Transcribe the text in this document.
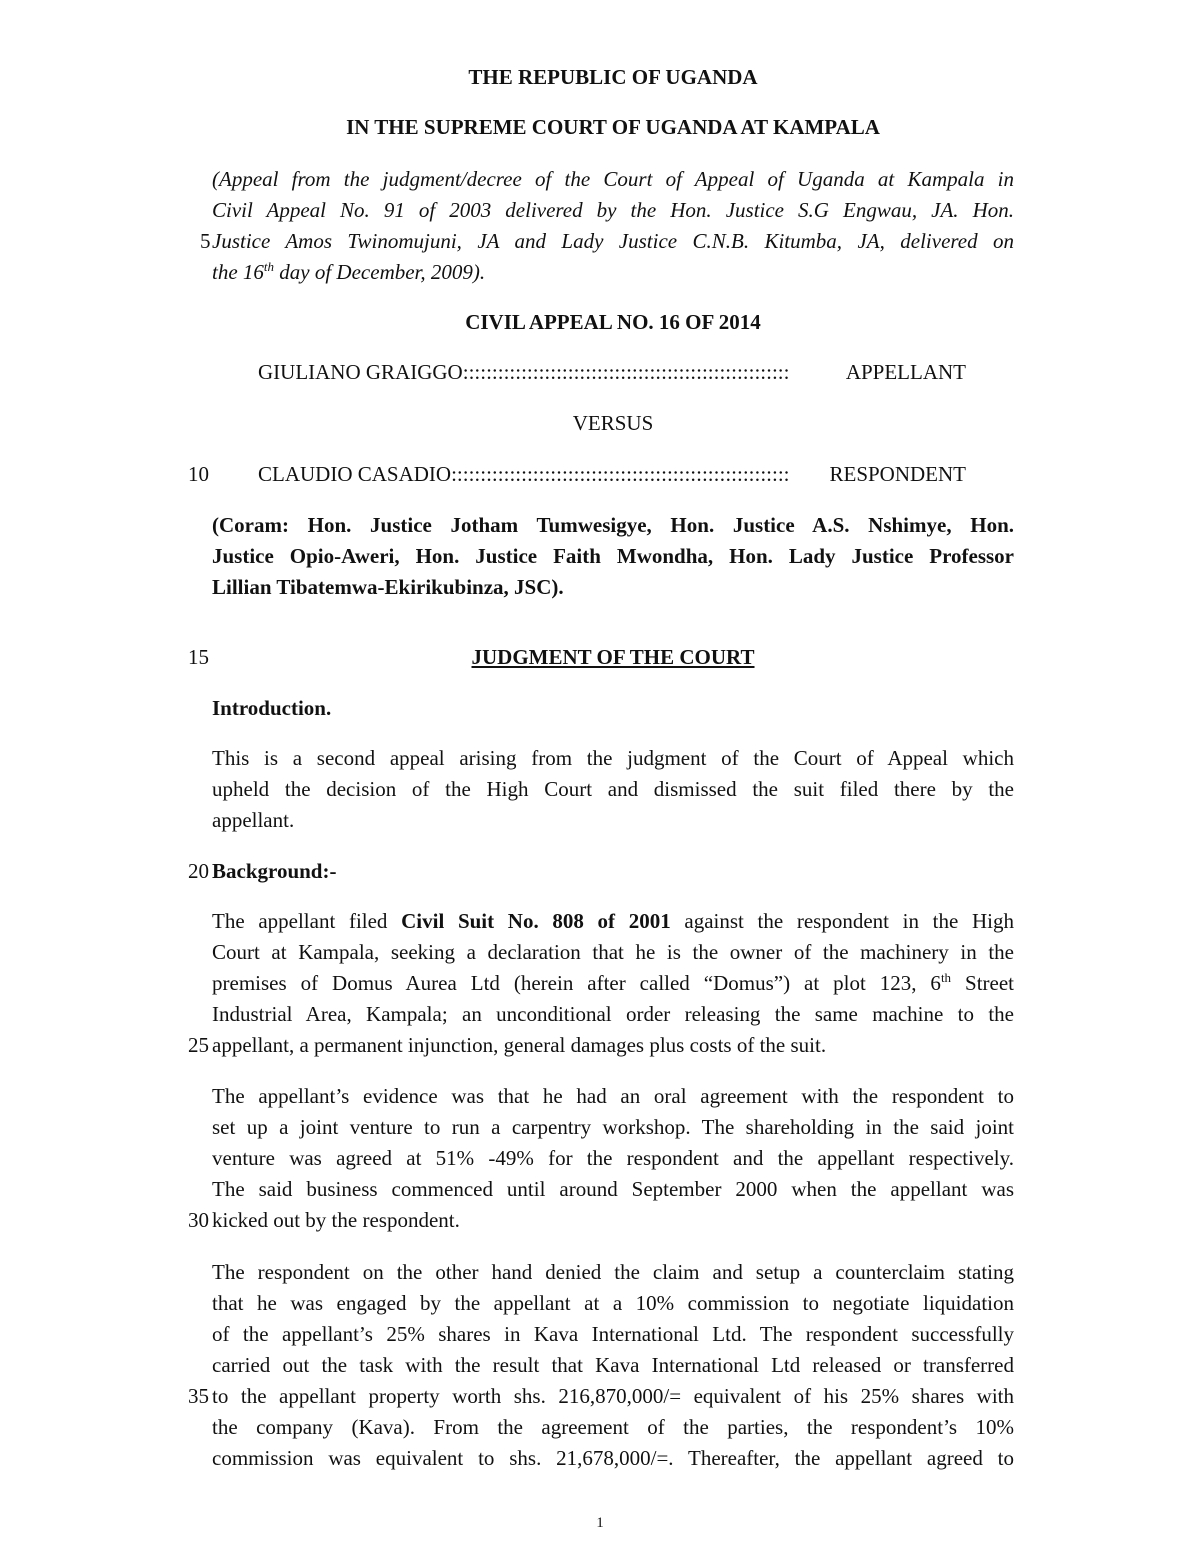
THE REPUBLIC OF UGANDA
IN THE SUPREME COURT OF UGANDA AT KAMPALA
(Appeal from the judgment/decree of the Court of Appeal of Uganda at Kampala in
Civil Appeal No. 91 of 2003 delivered by the Hon. Justice S.G Engwau, JA. Hon.
Justice Amos Twinomujuni, JA and Lady Justice C.N.B. Kitumba, JA, delivered on
the 16th day of December, 2009).
5
CIVIL APPEAL NO. 16 OF 2014
GIULIANO GRAIGGO ::::::::::::::::::::::::::::::::::::::::::::::::::::::::	APPELLANT
VERSUS
10 CLAUDIO CASADIO ::::::::::::::::::::::::::::::::::::::::::::::::::::::::::	RESPONDENT
(Coram: Hon. Justice Jotham Tumwesigye, Hon. Justice A.S. Nshimye, Hon.
Justice Opio-Aweri, Hon. Justice Faith Mwondha, Hon. Lady Justice Professor
Lillian Tibatemwa-Ekirikubinza, JSC).
15	JUDGMENT OF THE COURT
Introduction.
This is a second appeal arising from the judgment of the Court of Appeal which
upheld the decision of the High Court and dismissed the suit filed there by the
appellant.
20 Background:-
The appellant filed Civil Suit No. 808 of 2001 against the respondent in the High
Court at Kampala, seeking a declaration that he is the owner of the machinery in the
premises of Domus Aurea Ltd (herein after called “Domus”) at plot 123, 6th Street
Industrial Area, Kampala; an unconditional order releasing the same machine to the
appellant, a permanent injunction, general damages plus costs of the suit.
25
The appellant’s evidence was that he had an oral agreement with the respondent to
set up a joint venture to run a carpentry workshop. The shareholding in the said joint
venture was agreed at 51% -49% for the respondent and the appellant respectively.
The said business commenced until around September 2000 when the appellant was
kicked out by the respondent.
30
The respondent on the other hand denied the claim and setup a counterclaim stating
that he was engaged by the appellant at a 10% commission to negotiate liquidation
of the appellant’s 25% shares in Kava International Ltd. The respondent successfully
carried out the task with the result that Kava International Ltd released or transferred
to the appellant property worth shs. 216,870,000/= equivalent of his 25% shares with
the company (Kava). From the agreement of the parties, the respondent’s 10%
commission was equivalent to shs. 21,678,000/=. Thereafter, the appellant agreed to
35
1
